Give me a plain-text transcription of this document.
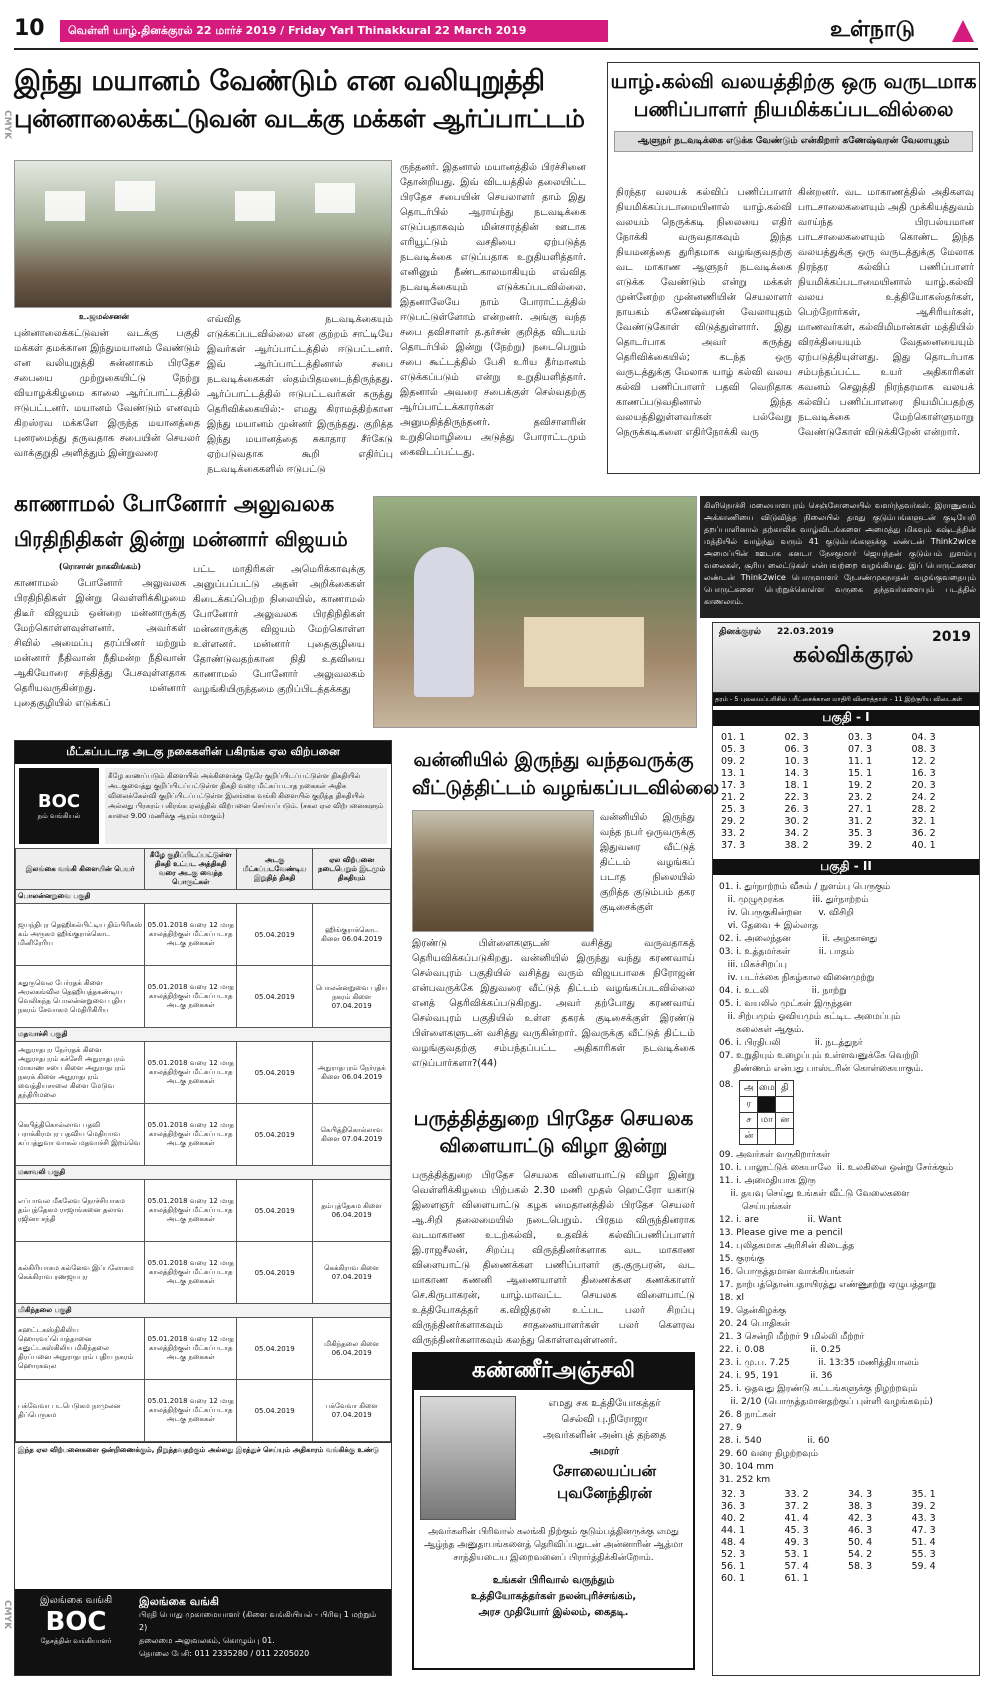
10	வெள்ளி யாழ்.தினக்குரல் 22 மார்ச் 2019 / Friday Yarl Thinakkural 22 March 2019	உள்நாடு
CMYK
CMYK
இந்து மயானம் வேண்டும் என வலியுறுத்தி
புன்னாலைக்கட்டுவன் வடக்கு மக்கள் ஆர்ப்பாட்டம்
உ.ஜமல்சனன்
புன்னாலைக்கட்டுவன் வடக்கு பகுதி மக்கள் தமக்கான இந்துமயானம் வேண்டும் என வலியுறுத்தி சுன்னாகம் பிரதேச சபையை முற்றுகையிட்டு நேற்று வியாழக்கிழமை காலை ஆர்ப்பாட்டத்தில் ஈடுபட்டனர். மயானம் வேண்டும் எனவும் கிறஸ்ரவ மக்களே இருந்த மயானத்தை புனரமைத்து தருவதாக சபையின் செயலர் வாக்குறுதி அளித்தும் இன்றுவரை
எவ்வித நடவடிக்கையும் எடுக்கப்படவில்லை என குற்றம் சாட்டியே இவர்கள் ஆர்ப்பாட்டத்தில் ஈடுபட்டனர். இவ் ஆர்ப்பாட்டத்தினால் சபை நடவடிக்கைகள் ஸ்தம்பிதமடைந்திருந்தது. ஆர்ப்பாட்டத்தில் ஈடுபட்டவர்கள் கருத்து தெரிவிக்கையில்:- எமது கிராமத்திற்கான இந்து மயானம் முன்னர் இருந்தது. குறித்த இந்து மயானத்தை சுகாதார சீர்கேடு ஏற்படுவதாக கூறி எதிர்ப்பு நடவடிக்கைகளில் ஈடுபட்டு
ருந்தனர். இதனால் மயானத்தில் பிரச்சினை தோன்றியது. இவ் விடயத்தில் தலையிட்ட பிரதேச சபையின் செயலாளர் தாம் இது தொடர்பில் ஆராய்ந்து நடவடிக்கை எடுப்பதாகவும் மின்சாரத்தின் ஊடாக எரியூட்டும் வசதியை ஏற்படுத்த நடவடிக்கை எடுப்பதாக உறுதியளித்தார். எனினும் நீண்டகாலமாகியும் எவ்வித நடவடிக்கையும் எடுக்கப்படவில்லை. இதனாலேயே நாம் போராட்டத்தில் ஈடுபட்டுள்ளோம் என்றனர். அங்கு வந்த சபை தவிசாளர் த.தர்சன் குறித்த விடயம் தொடர்பில் இன்று (நேற்று) நடைபெறும் சபை கூட்டத்தில் பேசி உரிய தீர்மானம் எடுக்கப்படும் என்று உறுதியளித்தார். இதனால் அவரை சபைக்குள் செல்வதற்கு ஆர்ப்பாட்டக்காரர்கள் அனுமதித்திருந்தனர். தவிசாளரின் உறுதிமொழியை அடுத்து போராட்டமும் கைவிடப்பட்டது.
யாழ்.கல்வி வலயத்திற்கு ஒரு வருடமாக
பணிப்பாளர் நியமிக்கப்படவில்லை
ஆளுநர் நடவடிக்கை எடுக்க வேண்டும் என்கிறார் கணேஷ்வரன் வேலாயுதம்
நிரந்தர வலயக் கல்விப் பணிப்பாளர் நியமிக்கப்படாமையினால் யாழ்.கல்வி வலயம் நெருக்கடி நிலையை எதிர் நோக்கி வருவதாகவும் இந்த நியமனத்தை துரிதமாக வழங்குவதற்கு வட மாகாண ஆளுநர் நடவடிக்கை எடுக்க வேண்டும் என்று மக்கள் முன்னேற்ற முன்னணியின் செயலாளர் நாயகம் கணேஷ்வரன் வேலாயுதம் வேண்டுகோள் விடுத்துள்ளார். இது தொடர்பாக அவர் கருத்து தெரிவிக்கையில்; கடந்த ஒரு வருடத்துக்கு மேலாக யாழ் கல்வி வலய கல்வி பணிப்பாளர் பதவி வெறிதாக காணப்படுவதினால் இந்த வலயத்திலுள்ளவர்கள் பல்வேறு நெருக்கடிகளை எதிர்நோக்கி வரு
கின்றனர். வட மாகாணத்தில் அதிகளவு பாடசாலைகளையும் அதி முக்கியத்துவம் வாய்ந்த பிரபல்யமான பாடசாலைகளையும் கொண்ட இந்த வலயத்துக்கு ஒரு வருடத்துக்கு மேலாக நிரந்தர கல்விப் பணிப்பாளர் நியமிக்கப்படாமையினால் யாழ்.கல்வி வலய உத்தியோகஸ்தர்கள், பெற்றோர்கள், ஆசிரியர்கள், மாணவர்கள், கல்விமிமான்கள் மத்தியில் விரக்தியையும் வேதனையையும் ஏற்படுத்தியுள்ளது. இது தொடர்பாக சம்பந்தப்பட்ட உயர் அதிகாரிகள் கவனம் செலுத்தி நிரந்தரமாக வலயக் கல்விப் பணிப்பாளரை நியமிப்பதற்கு நடவடிக்கை மேற்கொள்ளுமாறு வேண்டுகோள் விடுக்கிறேன் என்றார்.
காணாமல் போனோர் அலுவலக
பிரதிநிதிகள் இன்று மன்னார் விஜயம்
(ரொசான் நாகலிங்கம்)
காணாமல் போனோர் அலுவலக பிரதிநிதிகள் இன்று வெள்ளிக்கிழமை திடீர் விஜயம் ஒன்றை மன்னாருக்கு மேற்கொள்ளவுள்ளனர். அவர்கள் சிவில் அமைப்பு தரப்பினர் மற்றும் மன்னார் நீதிவான் நீதிமன்ற நீதிவான் ஆகியோரை சந்தித்து பேசவுள்ளதாக தெரியவருகின்றது. மன்னார் புதைகுழியில் எடுக்கப்
பட்ட மாதிரிகள் அமெரிக்காவுக்கு அனுப்பப்பட்டு அதன் அறிக்கைகள் கிடைக்கப்பெற்ற நிலையில், காணாமல் போனோர் அலுவலக பிரதிநிதிகள் மன்னாருக்கு விஜயம் மேற்கொள்ள உள்ளனர். மன்னார் புதைகுழியை தோண்டுவதற்கான நிதி உதவியை காணாமல் போனோர் அலுவலகம் வழங்கியிருந்தமை குறிப்பிடத்தக்கது
கிளிநொச்சி மலையாளபுரம் செஞ்சோலையில் வளர்ந்தவர்கள். இராணுவம் அக்காணியை விடுவித்த நிலையில் தமது குடும்பங்களுடன் குடியேறி தறப்பாளினால் தற்காலிக வாழ்விடங்களை அமைத்து மிகவும் கஷ்டத்தின் மத்தியில் வாழ்ந்து வரும் 41 குடும்பங்களுக்கு லண்டன் Think2wice அமைப்பின் ஊடாக கனடா நேசகுமார் ஜெயந்தன் குடும்பம் நுளம்பு வலைகள், சூரிய லைட்டுகள் என்பவற்றை வழங்கியது. இப் பொருட்களை லண்டன் Think2wice பொருளாளர் நே.சண்முகநாதன் வழங்குவதையும் பொருட்களை பெற்றுக்கொள்ள வருகை தந்தவர்களையும் படத்தில் காணலாம்.
மீட்கப்படாத அடகு நகைகளின் பகிரங்க ஏல விற்பனை
BOC
நம் வங்கியல்
கீழே காணப்படும் கிளையில் அக்கிளைக்கு நேரே குறிப்பிடப்பட்டுள்ள திகதியில் அடகுவைத்து குறிப்பிடப்பட்டுள்ள திகதி வரை மீட்கப்படாத நகைகள் அதிக விலைக்கேள்வி குறிப்பிடப்பட்டுள்ள இலங்கை வங்கி கிளையில் குறித்த திகதியில் அல்லது பிரசுரம் பகிரங்க ஏலத்தில் விற்பனை செய்யப்படும். (சகல ஏல விற்பனைகளும் காலை 9.00 மணிக்கு ஆரம்பமாகும்)
இலங்கை வங்கி கிளையின் பெயர்	கீழே குறிப்பிடப்பட்டுள்ள திகதி உட்பட அத்திகதி வரை அடகு வைத்த பொருட்கள்	அடகு மீட்கப்படவேண்டிய இறுதித் திகதி	ஏல விற்பனை நடைபெறும் இடமும் திகதியும்
பொலன்னறுவை பகுதி			
ஜயந்திபுர தெஹிகல்பிட்டிய திம்பிரிகஸ் கம் அருகம ஹிங்குராக்கொட மினிரேரிய	05.01.2018 வரை 12 மாத காலத்திற்குள் மீட்கப்படாத அடகு நகைகள்	05.04.2019	ஹிங்குராக்கொட கிளை 06.04.2019
கதுருவெல பேர்ரதக் கிளை அரலகங்வில தெஹியத்தகண்டிய வெலிகந்த பொலன்னறுவை புதிய நகரம் சேவாகம மெதிரிகிரிய	05.01.2018 வரை 12 மாத காலத்திற்குள் மீட்கப்படாத அடகு நகைகள்	05.04.2019	பொலன்னறுவை புதிய நகரம் கிளை 07.04.2019
மதவாச்சி பகுதி			
அநுராதபுர நேர்ரதக் கிளை அநுராதபுரம் கச்சேரி அநுராதபுரம் மாகாண சபை கிளை அநுராதபுரம் நகரக் கிளை அநுராதபுரம் வைத்தியசாலை கிளை மேடுவ தந்திரிமலை	05.01.2018 வரை 12 மாத காலத்திற்குள் மீட்கப்படாத அடகு நகைகள்	05.04.2019	அநுராதபுரம் நேர்ரதக் கிளை 06.04.2019
கெபித்திகொல்லாவ பதவி பராக்கிரமபுர பதவிய மெதியாவ கப்பத்துவா வாகல் மதவாச்சி இறம்வெ	05.01.2018 வரை 12 மாத காலத்திற்குள் மீட்கப்படாத அடகு நகைகள்	05.04.2019	கெபித்திகொல்லாவ கிளை 07.04.2019
மகாவலி பகுதி			
எப்பாவல மீகலேவ நொச்சியாகம தம்புத்தேகம ராஜாங்கனை தலாவ ரஜினா சந்தி	05.01.2018 வரை 12 மாத காலத்திற்குள் மீட்கப்படாத அடகு நகைகள்	05.04.2019	தம்புத்தேகம கிளை 06.04.2019
கல்கிரியாகம கல்னேவ இப்பலோகம கெக்கிராவ ரணஜயபுர	05.01.2018 வரை 12 மாத காலத்திற்குள் மீட்கப்படாத அடகு நகைகள்	05.04.2019	கெக்கிராவ கிளை 07.04.2019
மிகிந்தலை பகுதி			
கஹட்டகஸ்திகிலிய ஹொரவப்பொத்தானை கனுட்டகஸ்கிலிய மிகிந்தலை திரப்பனை அநுராதபுரம் புதிய நகரம் ஹொரகவுல	05.01.2018 வரை 12 மாத காலத்திற்குள் மீட்கப்படாத அடகு நகைகள்	05.04.2019	மிகிந்தலை கிளை 06.04.2019
பக்வேவா படபெடுகம நாமுலன திப்பெருகம	05.01.2018 வரை 12 மாத காலத்திற்குள் மீட்கப்படாத அடகு நகைகள்	05.04.2019	பக்வேவா கிளை 07.04.2019
இந்த ஏல விற்பனைகளை ஒன்றிணைக்கும், நிறுத்தவதற்கும் அல்லது இரத்துச் செய்யும் அதிகாரம் வங்கிக்கு உண்டு
இலங்கை வங்கி
BOC
தேசத்தின் வங்கியாளர்
இலங்கை வங்கி
பிரதி பொது முகாமையாளர் (கிளை வங்கியியல் - பிரிவு 1 மற்றும் 2)
தலைமை அலுவலகம், கொழும்பு 01.
தொலை பேசி: 011 2335280 / 011 2205020
வன்னியில் இருந்து வந்தவருக்கு
வீட்டுத்திட்டம் வழங்கப்படவில்லை
வன்னியில் இருந்து வந்த நபர் ஒருவருக்கு இதுவரை வீட்டுத் திட்டம் வழங்கப் படாத நிலையில் குறித்த குடும்பம் தகர குடிசைக்குள்
இரண்டு பிள்ளைகளுடன் வசித்து வருவதாகத் தெரியவிக்கப்படுகிறது. வன்னியில் இருந்து வந்து கரணவாய் செல்வபுரம் பகுதியில் வசித்து வரும் விஜயபாலசு நிரோஜன் என்பவருக்கே இதுவரை வீட்டுத் திட்டம் வழங்கப்படவில்லை எனத் தெரிவிக்கப்படுகிறது. அவர் தற்போது கரணவாய் செல்வபுரம் பகுதியில் உள்ள தகரக் குடிசைக்குள் இரண்டு பிள்ளைகளுடன் வசித்து வருகின்றார். இவருக்கு வீட்டுத் திட்டம் வழங்குவதற்கு சம்பந்தப்பட்ட அதிகாரிகள் நடவடிக்கை எடுப்பார்களா?(44)
பருத்தித்துறை பிரதேச செயலக
விளையாட்டு விழா இன்று
பருத்தித்துறை பிரதேச செயலக விளையாட்டு விழா இன்று வெள்ளிக்கிழமை பிற்பகல் 2.30 மணி முதல் ஹெட்ரோ யகாடு இளைஞர் விளையாட்டு கழக மைதானத்தில் பிரதேச செயலர் ஆ.சிறி தலைமையில் நடைபெறும். பிரதம விருந்தினராக வடமாகாண உடற்கல்வி, உதவிக் கல்விப்பணிப்பாளர் இ.ராஜசீலன், சிறப்பு விருந்தினர்களாக வட மாகாண விளையாட்டு திணைக்கள பணிப்பாளர் கு.குருபரன், வட மாகாண கணனி ஆணையாளர் திணைக்கள கணக்காளர் செ.கிருபாகரன், யாழ்.மாவட்ட செயலக விளையாட்டு உத்தியோகத்தர் க.விஜிதரன் உட்பட பலர் சிறப்பு விருந்தினர்களாகவும் சாதனையாளர்கள் பலர் கௌரவ விருந்தினர்களாகவும் கலந்து கொள்ளவுள்ளனர்.
கண்ணீர்அஞ்சலி
எமது சக உத்தியோகத்தர்
செல்வி பு.நிரோஜா
அவர்களின் அன்புத் தந்தை
அமரர்
சோலையப்பன்
புவனேந்திரன்
அவர்களின் பிரிவால் கலங்கி நிற்கும் குடும்பத்தினருக்கு எமது ஆழ்ந்த அனுதாபங்களைத் தெரிவிப்பதுடன் அன்னாரின் ஆத்மா சாந்தியடைய இறைவனைப் பிரார்த்திக்கின்றோம்.
உங்கள் பிரிவால் வருந்தும்
உத்தியோகத்தர்கள் நலன்புரிச்சங்கம்,
அரச முதியோர் இல்லம், கைதடி.
தினக்குரல் 22.03.2019	2019
கல்விக்குரல்
தரம் - 5 புலமைப்பரிசில் பரீட்சைக்கான மாதிரி வினாத்தாள் - 11 இற்குரிய விடைகள்
பகுதி - I
01. 1	02. 3	03. 3	04. 3
05. 3	06. 3	07. 3	08. 3
09. 2	10. 3	11. 1	12. 2
13. 1	14. 3	15. 1	16. 3
17. 3	18. 1	19. 2	20. 3
21. 2	22. 3	23. 2	24. 2
25. 3	26. 3	27. 1	28. 2
29. 2	30. 2	31. 2	32. 1
33. 2	34. 2	35. 3	36. 2
37. 3	38. 2	39. 2	40. 1
பகுதி - II
01. i. துர்நாற்றம் வீசும் / நுளம்பு பெருகும்
ii. முழுமூரக்க          iii. துர்நாற்றம்
iv. பெருகுகின்றன      v. விசிறி
vi. தேவை + இல்லாத
02. i. அலைந்தன           ii. அழகானது
03. i. உத்தமர்கள்          ii. பாதம்
iii. மிகச்சிறப்பு
iv. படர்க்கை நிகழ்கால வினைமுற்று
04. i. உடலி               ii. நாற்று
05. i. வயலில் முட்கள் இருந்தன
ii. சிற்பமும் ஓவியமும் கட்டிட அமைப்பும்
கலைகள் ஆகும்.
06. i. பிரதிபலி            ii. நடத்துநர்
07. உறுதியும் உழைப்பும் உள்ளவனுக்கே வெற்றி
திண்ணம் என்பது பாஸ்டரின் கொள்கையாகும்.
08. அ	மை	தி
ர		
ச	மா	ன
ன்		
09. அவர்கள் வருகிறார்கள்
10. i. பாலூட்டுக் கையாலே  ii. உலகிலை ஒன்று சேர்க்கும்
11. i. அமைதியாக இரு
ii. தயவு செய்து உங்கள் வீட்டு வேலைகளை
செய்யுங்கள்
12. i. are                 ii. Want
13. Please give me a pencil
14. புலிதகமாக அரிசின் கிடைத்த
15. குரங்கு
16. பொருத்தமான வாக்கியங்கள்
17. நாற்பத்தொன்பதாயிரத்து எண்ணூற்று ஏழுபத்தாறு
18. xl
19. தென்கிழக்கு
20. 24 பொதிகள்
21. 3 சென்றி மீற்றர் 9 மில்லி மீற்றர்
22. i. 0.08                ii. 0.25
23. i. மு.ப. 7.25          ii. 13:35 மணித்தியாலம்
24. i. 95, 191           ii. 36
25. i. ஒதவது இரண்டு கட்டங்களுக்கு நிழற்றவும்
ii. 2/10 (பொருத்தமானதற்குப் புள்ளி வழங்கவும்)
26. 8 நாட்கள்
27. 9
28. i. 540                ii. 60
29. 60 வரை நிழற்றவும்
30. 104 mm
31. 252 km
32. 3	33. 2	34. 3	35. 1
36. 3	37. 2	38. 3	39. 2
40. 2	41. 4	42. 3	43. 3
44. 1	45. 3	46. 3	47. 3
48. 4	49. 3	50. 4	51. 4
52. 3	53. 1	54. 2	55. 3
56. 1	57. 4	58. 3	59. 4
60. 1	61. 1
